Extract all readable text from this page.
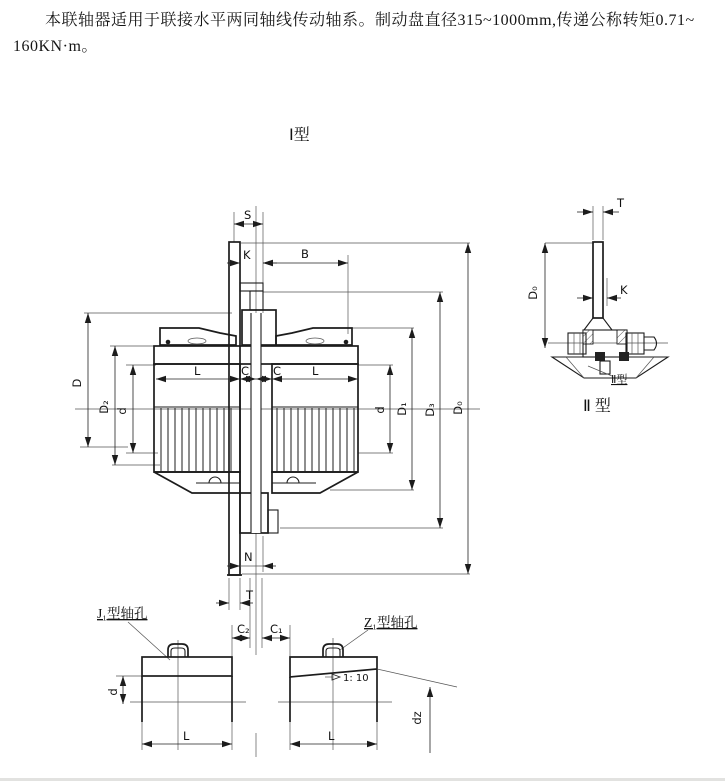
本联轴器适用于联接水平两同轴线传动轴系。制动盘直径315~1000mm,传递公称转矩0.71~
160KN·m。
Ⅰ型
S
K	B
L	C C	L
D
D₂ d	d D₁ D₃ D₀
N
T
T
K
D₀
Ⅱ型
Ⅱ 型
J₁型轴孔
d
L
C₂ C₁	Z₁型轴孔
1: 10
L
dz
